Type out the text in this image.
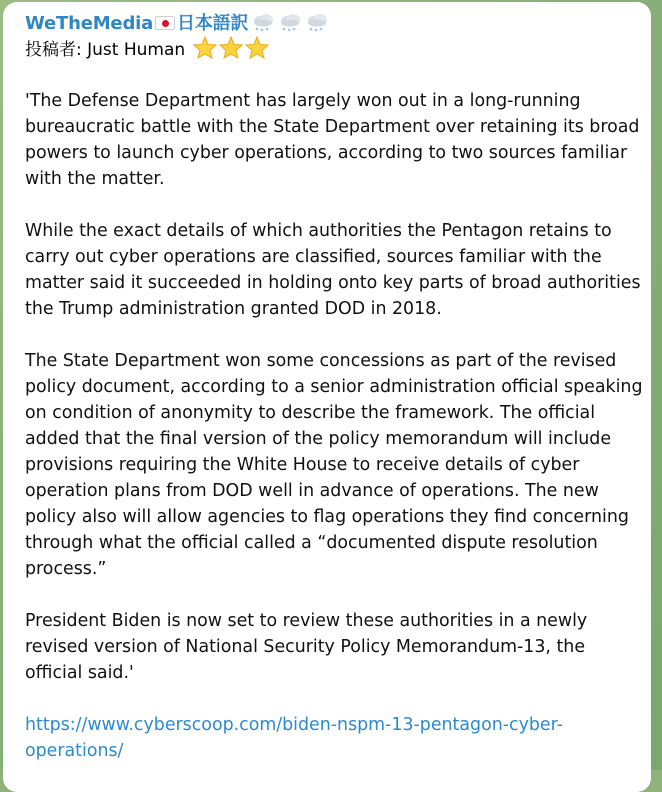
WeTheMedia 日本語訳
投稿者: Just Human

'The Defense Department has largely won out in a long-running bureaucratic battle with the State Department over retaining its broad powers to launch cyber operations, according to two sources familiar with the matter.

While the exact details of which authorities the Pentagon retains to carry out cyber operations are classified, sources familiar with the matter said it succeeded in holding onto key parts of broad authorities the Trump administration granted DOD in 2018.

The State Department won some concessions as part of the revised policy document, according to a senior administration official speaking on condition of anonymity to describe the framework. The official added that the final version of the policy memorandum will include provisions requiring the White House to receive details of cyber operation plans from DOD well in advance of operations. The new policy also will allow agencies to flag operations they find concerning through what the official called a “documented dispute resolution process.”

President Biden is now set to review these authorities in a newly revised version of National Security Policy Memorandum-13, the official said.'

https://www.cyberscoop.com/biden-nspm-13-pentagon-cyber-operations/
